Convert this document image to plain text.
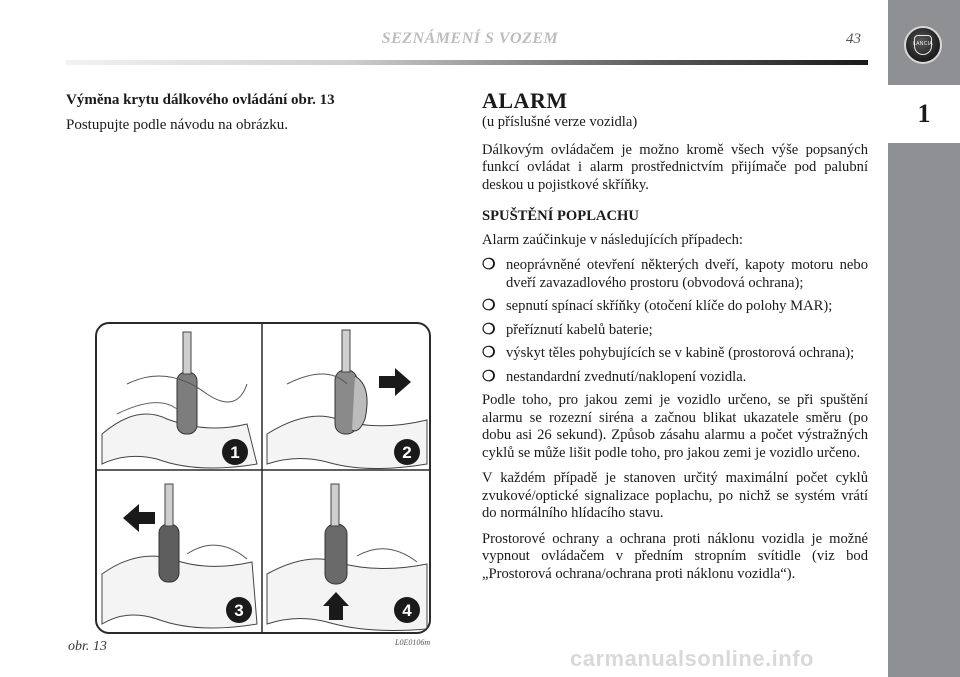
LANCIA
1
SEZNÁMENÍ S VOZEM	43

Výměna krytu dálkového ovládání obr. 13

Postupujte podle návodu na obrázku.

1	2
3	4
obr. 13	L0E0106m
ALARM

(u příslušné verze vozidla)

Dálkovým ovládačem je možno kromě všech výše popsaných funkcí ovládat i alarm prostřednictvím přijímače pod palubní deskou u pojistkové skříňky.

SPUŠTĚNÍ POPLACHU

Alarm zaúčinkuje v následujících případech:

❍ neoprávněné otevření některých dveří, kapoty motoru nebo dveří zavazadlového prostoru (obvodová ochrana);
❍ sepnutí spínací skříňky (otočení klíče do polohy MAR);
❍ přeříznutí kabelů baterie;
❍ výskyt těles pohybujících se v kabině (prostorová ochrana);
❍ nestandardní zvednutí/naklopení vozidla.

Podle toho, pro jakou zemi je vozidlo určeno, se při spuštění alarmu se rozezní siréna a začnou blikat ukazatele směru (po dobu asi 26 sekund). Způsob zásahu alarmu a počet výstražných cyklů se může lišit podle toho, pro jakou zemi je vozidlo určeno.

V každém případě je stanoven určitý maximální počet cyklů zvukové/optické signalizace poplachu, po nichž se systém vrátí do normálního hlídacího stavu.

Prostorové ochrany a ochrana proti náklonu vozidla je možné vypnout ovládačem v předním stropním svítidle (viz bod „Prostorová ochrana/ochrana proti náklonu vozidla“).

carmanualsonline.info
